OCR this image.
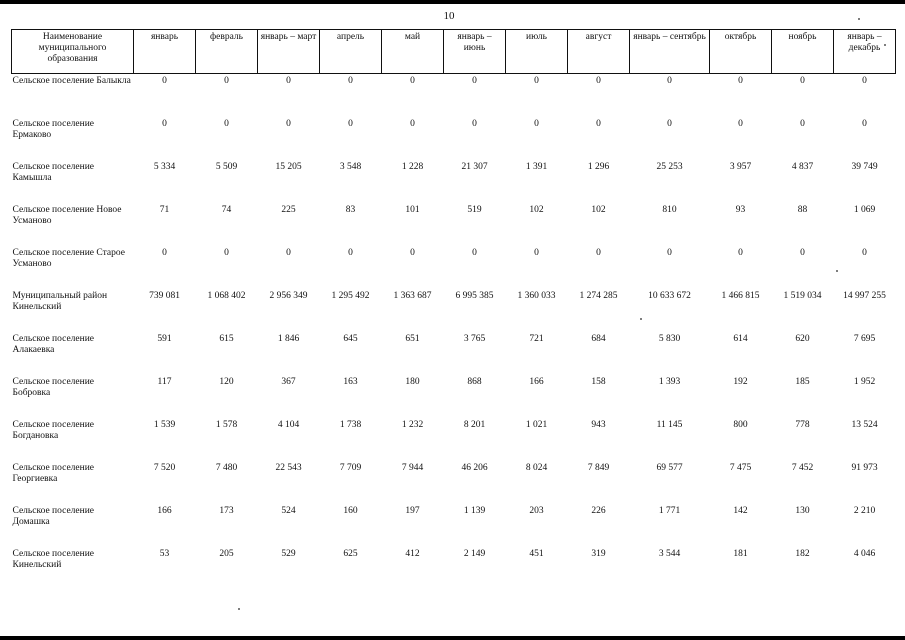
10
Наименование муниципального образования	январь	февраль	январь – март	апрель	май	январь – июнь	июль	август	январь – сентябрь	октябрь	ноябрь	январь – декабрь
Сельское поселение Балыкла	0	0	0	0	0	0	0	0	0	0	0	0
Сельское поселение Ермаково	0	0	0	0	0	0	0	0	0	0	0	0
Сельское поселение Камышла	5 334	5 509	15 205	3 548	1 228	21 307	1 391	1 296	25 253	3 957	4 837	39 749
Сельское поселение Новое Усманово	71	74	225	83	101	519	102	102	810	93	88	1 069
Сельское поселение Старое Усманово	0	0	0	0	0	0	0	0	0	0	0	0
Муниципальный район Кинельский	739 081	1 068 402	2 956 349	1 295 492	1 363 687	6 995 385	1 360 033	1 274 285	10 633 672	1 466 815	1 519 034	14 997 255
Сельское поселение Алакаевка	591	615	1 846	645	651	3 765	721	684	5 830	614	620	7 695
Сельское поселение Бобровка	117	120	367	163	180	868	166	158	1 393	192	185	1 952
Сельское поселение Богдановка	1 539	1 578	4 104	1 738	1 232	8 201	1 021	943	11 145	800	778	13 524
Сельское поселение Георгиевка	7 520	7 480	22 543	7 709	7 944	46 206	8 024	7 849	69 577	7 475	7 452	91 973
Сельское поселение Домашка	166	173	524	160	197	1 139	203	226	1 771	142	130	2 210
Сельское поселение Кинельский	53	205	529	625	412	2 149	451	319	3 544	181	182	4 046
